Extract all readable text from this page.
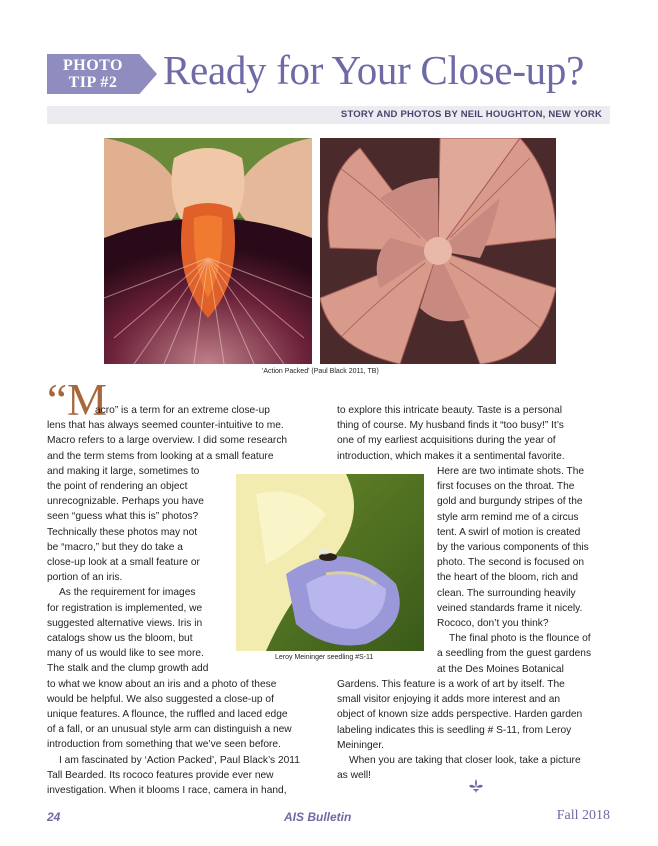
PHOTO
TIP #2	Ready for Your Close-up?
STORY AND PHOTOS BY NEIL HOUGHTON, NEW YORK
'Action Packed' (Paul Black 2011, TB)
Leroy Meininger seedling #S-11
“M
acro” is a term for an extreme close-up
lens that has always seemed counter-intuitive to me.
Macro refers to a large overview. I did some research
and the term stems from looking at a small feature
and making it large, sometimes to
the point of rendering an object
unrecognizable. Perhaps you have
seen “guess what this is” photos?
Technically these photos may not
be “macro,” but they do take a
close-up look at a small feature or
portion of an iris.
As the requirement for images
for registration is implemented, we
suggested alternative views. Iris in
catalogs show us the bloom, but
many of us would like to see more.
The stalk and the clump growth add
to what we know about an iris and a photo of these
would be helpful. We also suggested a close-up of
unique features. A flounce, the ruffled and laced edge
of a fall, or an unusual style arm can distinguish a new
introduction from something that we’ve seen before.
I am fascinated by ‘Action Packed’, Paul Black’s 2011
Tall Bearded. Its rococo features provide ever new
investigation. When it blooms I race, camera in hand,
to explore this intricate beauty. Taste is a personal
thing of course. My husband finds it “too busy!” It’s
one of my earliest acquisitions during the year of
introduction, which makes it a sentimental favorite.
Here are two intimate shots. The
first focuses on the throat. The
gold and burgundy stripes of the
style arm remind me of a circus
tent. A swirl of motion is created
by the various components of this
photo. The second is focused on
the heart of the bloom, rich and
clean. The surrounding heavily
veined standards frame it nicely.
Rococo, don’t you think?
The final photo is the flounce of
a seedling from the guest gardens
at the Des Moines Botanical
Gardens. This feature is a work of art by itself. The
small visitor enjoying it adds more interest and an
object of known size adds perspective. Harden garden
labeling indicates this is seedling # S-11, from Leroy
Meininger.
When you are taking that closer look, take a picture
as well!
24	AIS Bulletin	Fall 2018
